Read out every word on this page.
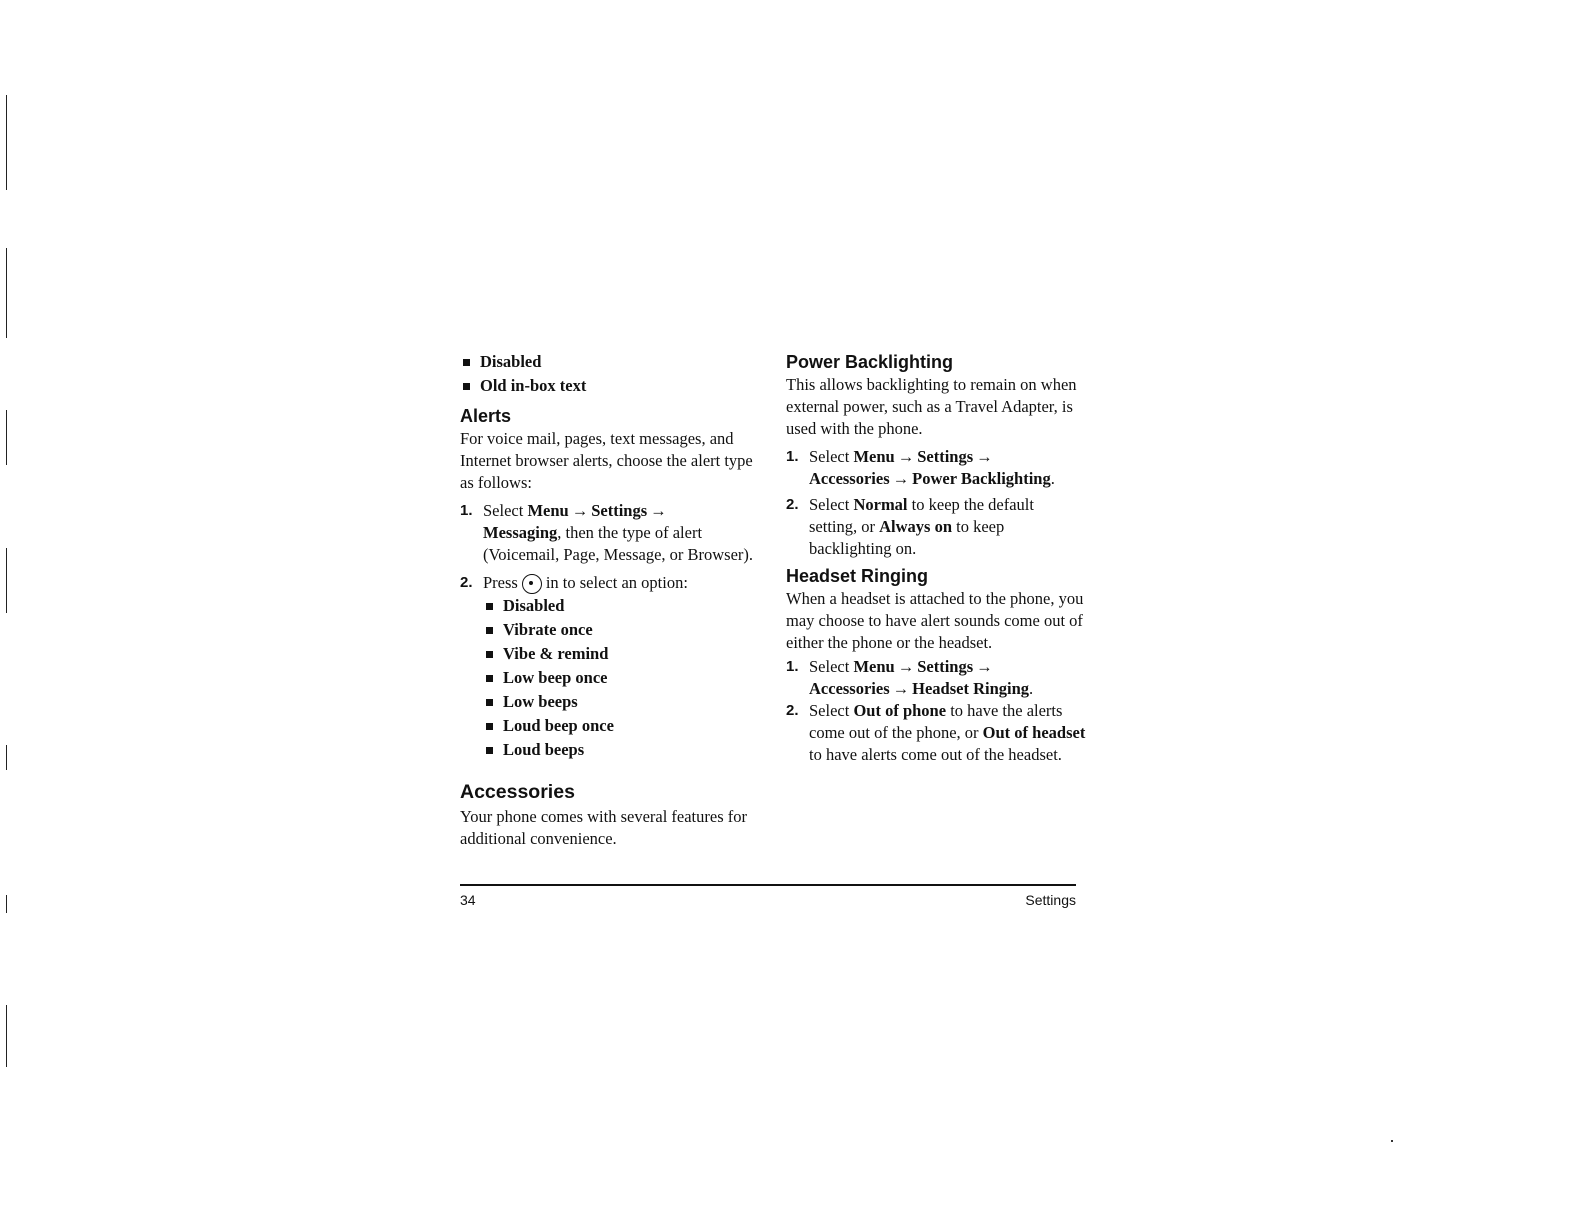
Disabled
Old in-box text
Alerts

For voice mail, pages, text messages, and Internet browser alerts, choose the alert type as follows:

1. Select Menu → Settings →
Messaging, then the type of alert (Voicemail, Page, Message, or Browser).
2. Press in to select an option:
Disabled
Vibrate once
Vibe & remind
Low beep once
Low beeps
Loud beep once
Loud beeps
Accessories

Your phone comes with several features for additional convenience.

Power Backlighting

This allows backlighting to remain on when external power, such as a Travel Adapter, is used with the phone.

1. Select Menu → Settings →
Accessories → Power Backlighting.
2. Select Normal to keep the default setting, or Always on to keep backlighting on.
Headset Ringing

When a headset is attached to the phone, you may choose to have alert sounds come out of either the phone or the headset.

1. Select Menu → Settings →
Accessories → Headset Ringing.
2. Select Out of phone to have the alerts come out of the phone, or Out of headset to have alerts come out of the headset.
34	Settings
